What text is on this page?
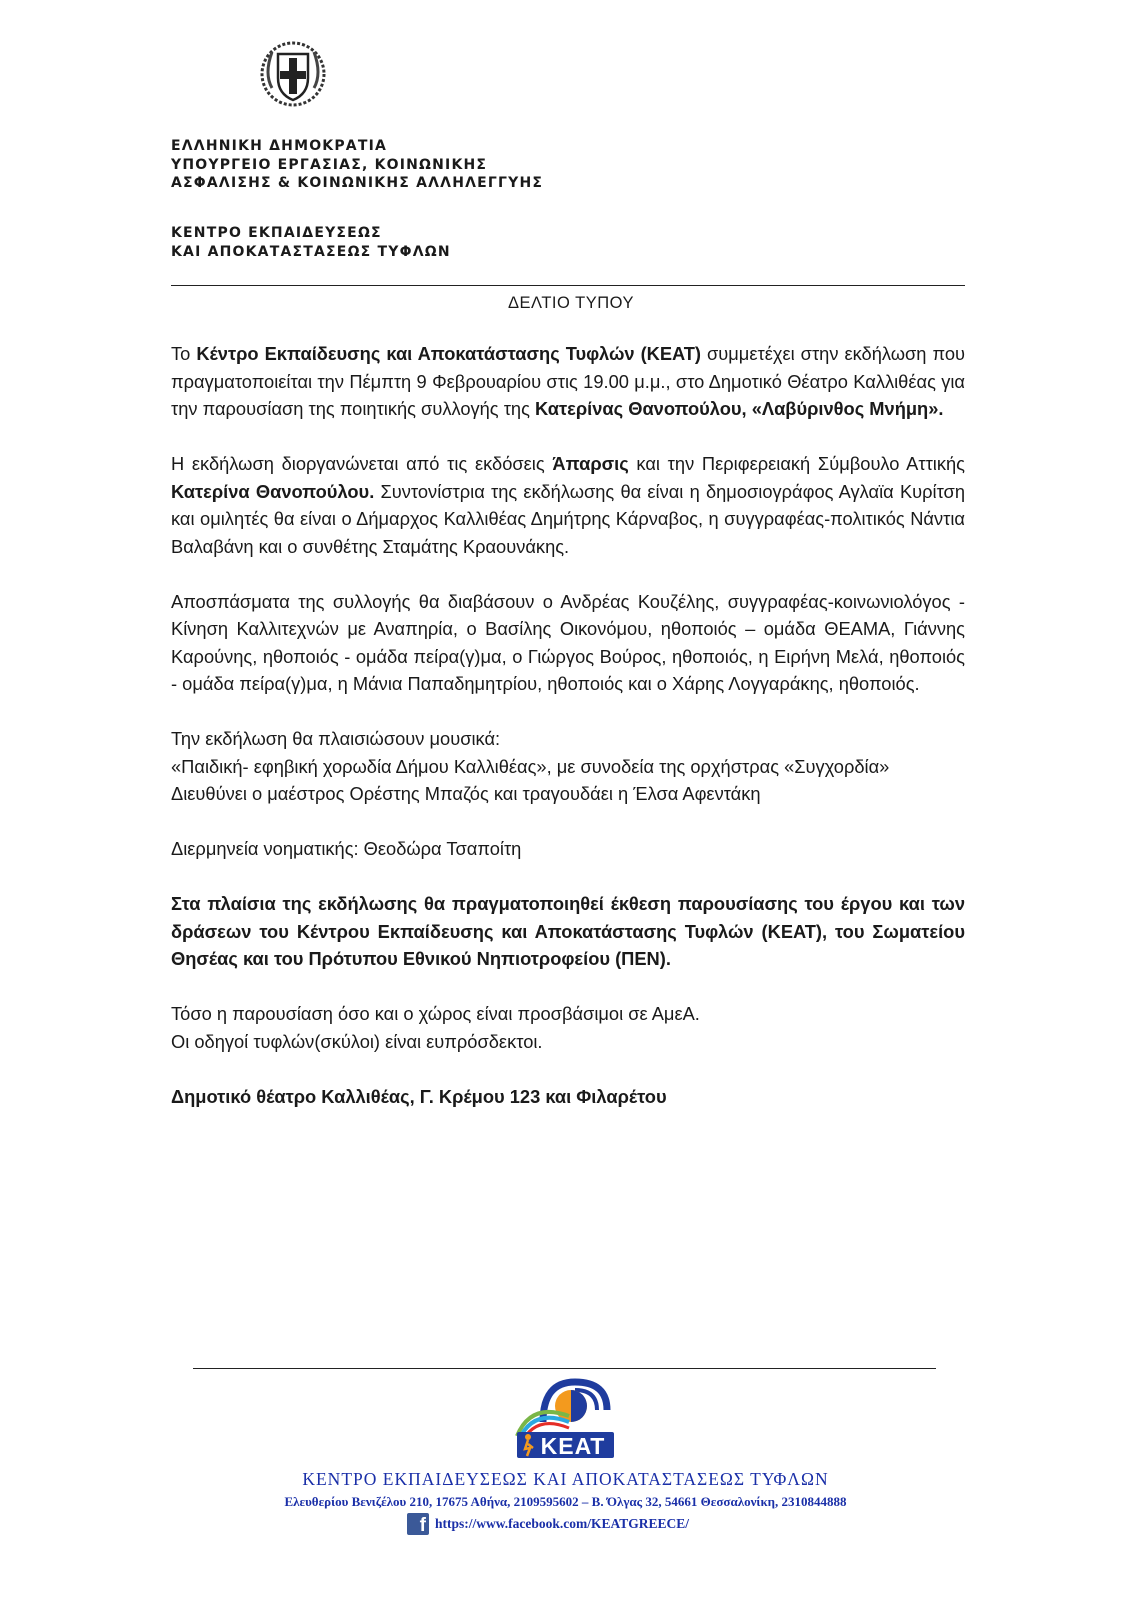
ΕΛΛΗΝΙΚΗ ΔΗΜΟΚΡΑΤΙΑ
ΥΠΟΥΡΓΕΙΟ ΕΡΓΑΣΙΑΣ, ΚΟΙΝΩΝΙΚΗΣ
ΑΣΦΑΛΙΣΗΣ & ΚΟΙΝΩΝΙΚΗΣ ΑΛΛΗΛΕΓΓΥΗΣ
ΚΕΝΤΡΟ ΕΚΠΑΙΔΕΥΣΕΩΣ
ΚΑΙ ΑΠΟΚΑΤΑΣΤΑΣΕΩΣ ΤΥΦΛΩΝ
ΔΕΛΤΙΟ ΤΥΠΟΥ

Το Κέντρο Εκπαίδευσης και Αποκατάστασης Τυφλών (ΚΕΑΤ) συμμετέχει στην εκδήλωση που πραγματοποιείται την Πέμπτη 9 Φεβρουαρίου στις 19.00 μ.μ., στο Δημοτικό Θέατρο Καλλιθέας για την παρουσίαση της ποιητικής συλλογής της Κατερίνας Θανοπούλου, «Λαβύρινθος Μνήμη».

Η εκδήλωση διοργανώνεται από τις εκδόσεις Άπαρσις και την Περιφερειακή Σύμβουλο Αττικής Κατερίνα Θανοπούλου. Συντονίστρια της εκδήλωσης θα είναι η δημοσιογράφος Αγλαϊα Κυρίτση και ομιλητές θα είναι ο Δήμαρχος Καλλιθέας Δημήτρης Κάρναβος, η συγγραφέας-πολιτικός Νάντια Βαλαβάνη και ο συνθέτης Σταμάτης Κραουνάκης.

Αποσπάσματα της συλλογής θα διαβάσουν ο Ανδρέας Κουζέλης, συγγραφέας-κοινωνιολόγος - Κίνηση Καλλιτεχνών με Αναπηρία, ο Βασίλης Οικονόμου, ηθοποιός – ομάδα ΘΕΑΜΑ, Γιάννης Καρούνης, ηθοποιός - ομάδα πείρα(γ)μα, ο Γιώργος Βούρος, ηθοποιός, η Ειρήνη Μελά, ηθοποιός - ομάδα πείρα(γ)μα, η Μάνια Παπαδημητρίου, ηθοποιός και ο Χάρης Λογγαράκης, ηθοποιός.

Την εκδήλωση θα πλαισιώσουν μουσικά:
«Παιδική- εφηβική χορωδία Δήμου Καλλιθέας», με συνοδεία της ορχήστρας «Συγχορδία»
Διευθύνει ο μαέστρος Ορέστης Μπαζός και τραγουδάει η Έλσα Αφεντάκη

Διερμηνεία νοηματικής: Θεοδώρα Τσαποίτη

Στα πλαίσια της εκδήλωσης θα πραγματοποιηθεί έκθεση παρουσίασης του έργου και των δράσεων του Κέντρου Εκπαίδευσης και Αποκατάστασης Τυφλών (ΚΕΑΤ), του Σωματείου Θησέας και του Πρότυπου Εθνικού Νηπιοτροφείου (ΠΕΝ).

Τόσο η παρουσίαση όσο και ο χώρος είναι προσβάσιμοι σε ΑμεΑ.
Οι οδηγοί τυφλών(σκύλοι) είναι ευπρόσδεκτοι.

Δημοτικό θέατρο Καλλιθέας, Γ. Κρέμου 123 και Φιλαρέτου

ΚΕΑΤ
ΚΕΝΤΡΟ ΕΚΠΑΙΔΕΥΣΕΩΣ ΚΑΙ ΑΠΟΚΑΤΑΣΤΑΣΕΩΣ ΤΥΦΛΩΝ
Ελευθερίου Βενιζέλου 210, 17675 Αθήνα, 2109595602 – Β. Όλγας 32, 54661 Θεσσαλονίκη, 2310844888
f https://www.facebook.com/KEATGREECE/
